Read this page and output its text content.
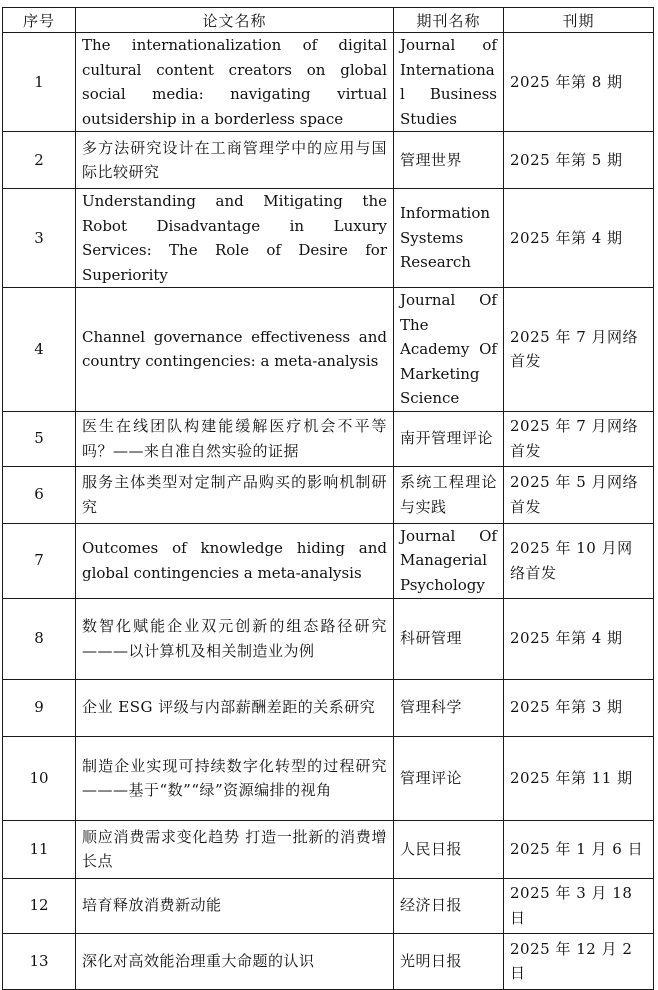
序号	论文名称	期刊名称	刊期
1	The internationalization of digital cultural content creators on global social media: navigating virtual outsidership in a borderless space	Journal of International Business Studies	2025 年第 8 期
2	多方法研究设计在工商管理学中的应用与国际比较研究	管理世界	2025 年第 5 期
3	Understanding and Mitigating the Robot Disadvantage in Luxury Services: The Role of Desire for Superiority	Information Systems Research	2025 年第 4 期
4	Channel governance effectiveness and country contingencies: a meta-analysis	Journal Of The Academy Of Marketing Science	2025 年 7 月网络首发
5	医生在线团队构建能缓解医疗机会不平等吗？——来自准自然实验的证据	南开管理评论	2025 年 7 月网络首发
6	服务主体类型对定制产品购买的影响机制研究	系统工程理论与实践	2025 年 5 月网络首发
7	Outcomes of knowledge hiding and global contingencies a meta-analysis	Journal Of Managerial Psychology	2025 年 10 月网络首发
8	数智化赋能企业双元创新的组态路径研究———以计算机及相关制造业为例	科研管理	2025 年第 4 期
9	企业 ESG 评级与内部薪酬差距的关系研究	管理科学	2025 年第 3 期
10	制造企业实现可持续数字化转型的过程研究———基于“数”“绿”资源编排的视角	管理评论	2025 年第 11 期
11	顺应消费需求变化趋势 打造一批新的消费增长点	人民日报	2025 年 1 月 6 日
12	培育释放消费新动能	经济日报	2025 年 3 月 18 日
13	深化对高效能治理重大命题的认识	光明日报	2025 年 12 月 2 日
